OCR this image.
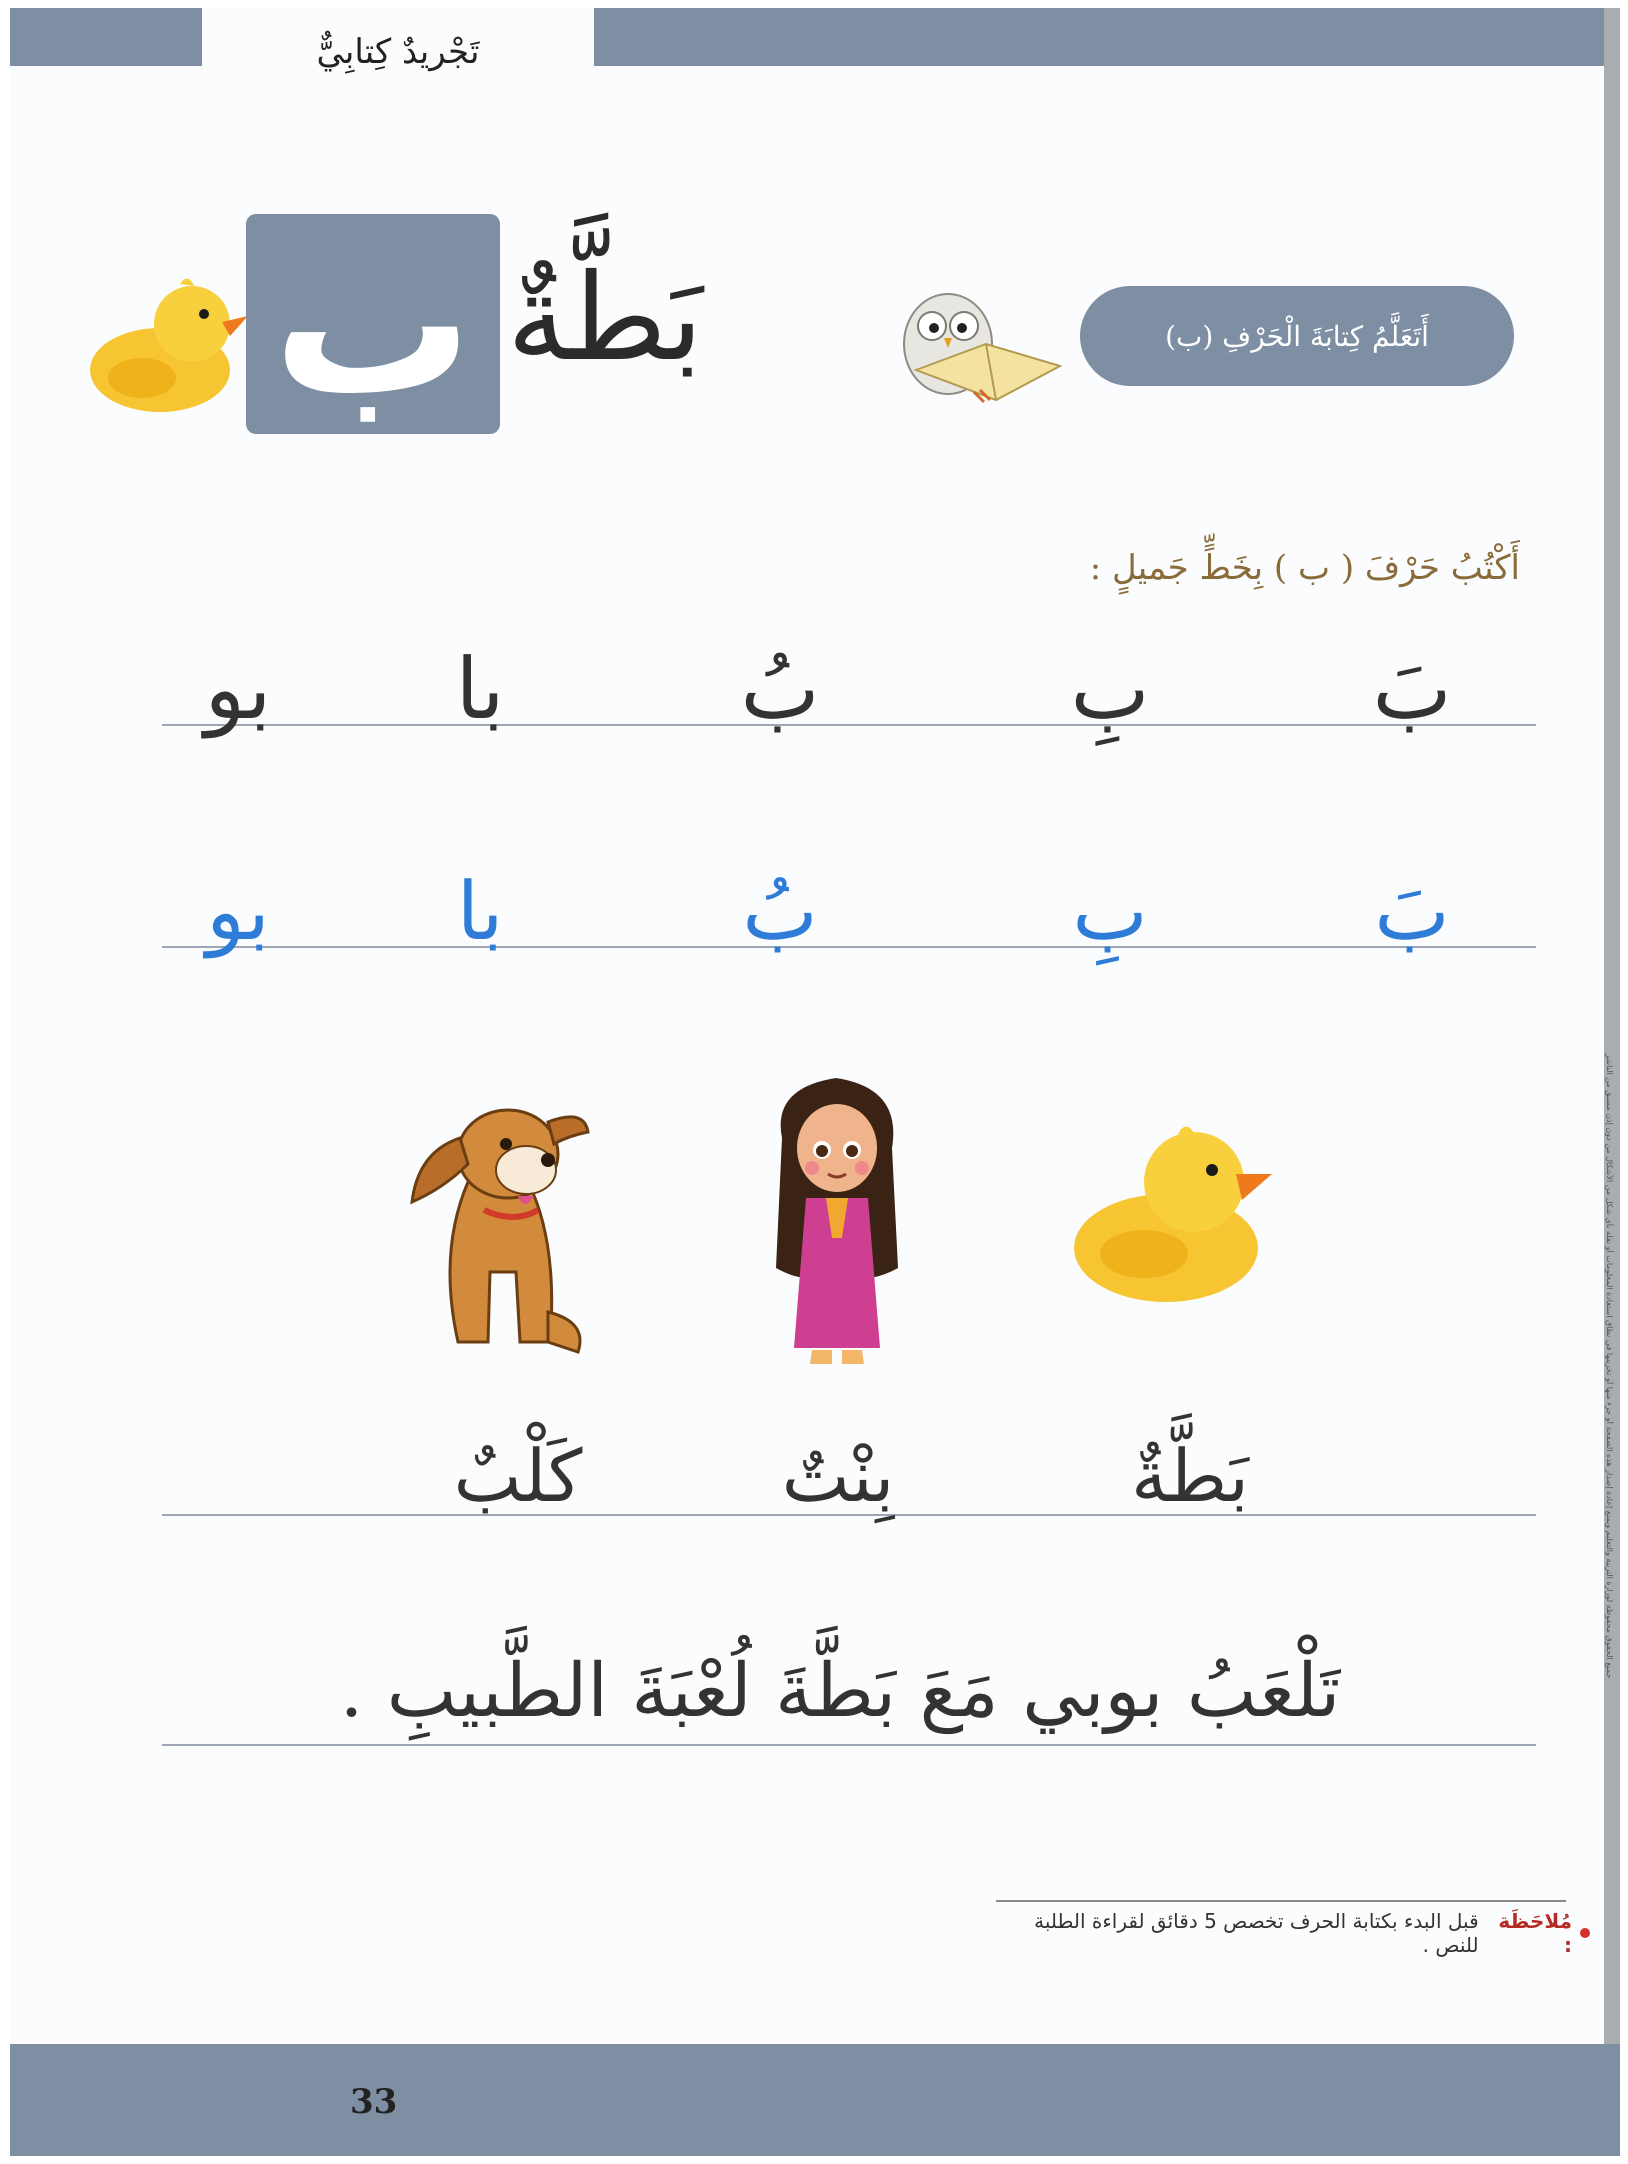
تَجْريدٌ كِتابِيٌّ
جميع الحقوق محفوظة لوزارة التربية والتعليم ويمنع إعادة إصدار هذه الصفحة أو جزء منها أو تخزينها في نطاق استعادة المعلومات أو نقله بأي شكل من الأشكال من دون إذن مسبق من الناشر
ب بَطَّةٌ	أَتَعَلَّمُ كِتابَةَ الْحَرْفِ (ب)
أَكْتُبُ حَرْفَ ( ب ) بِخَطٍّ جَميلٍ :
بَ
بِ
بُ
با
بو
بَ
بِ
بُ
با
بو
بَطَّةٌ
بِنْتٌ
كَلْبٌ
تَلْعَبُ بوبي مَعَ بَطَّةَ لُعْبَةَ الطَّبيبِ .
مُلاحَظَة :
قبل البدء بكتابة الحرف تخصص 5 دقائق لقراءة الطلبة للنص .
33
